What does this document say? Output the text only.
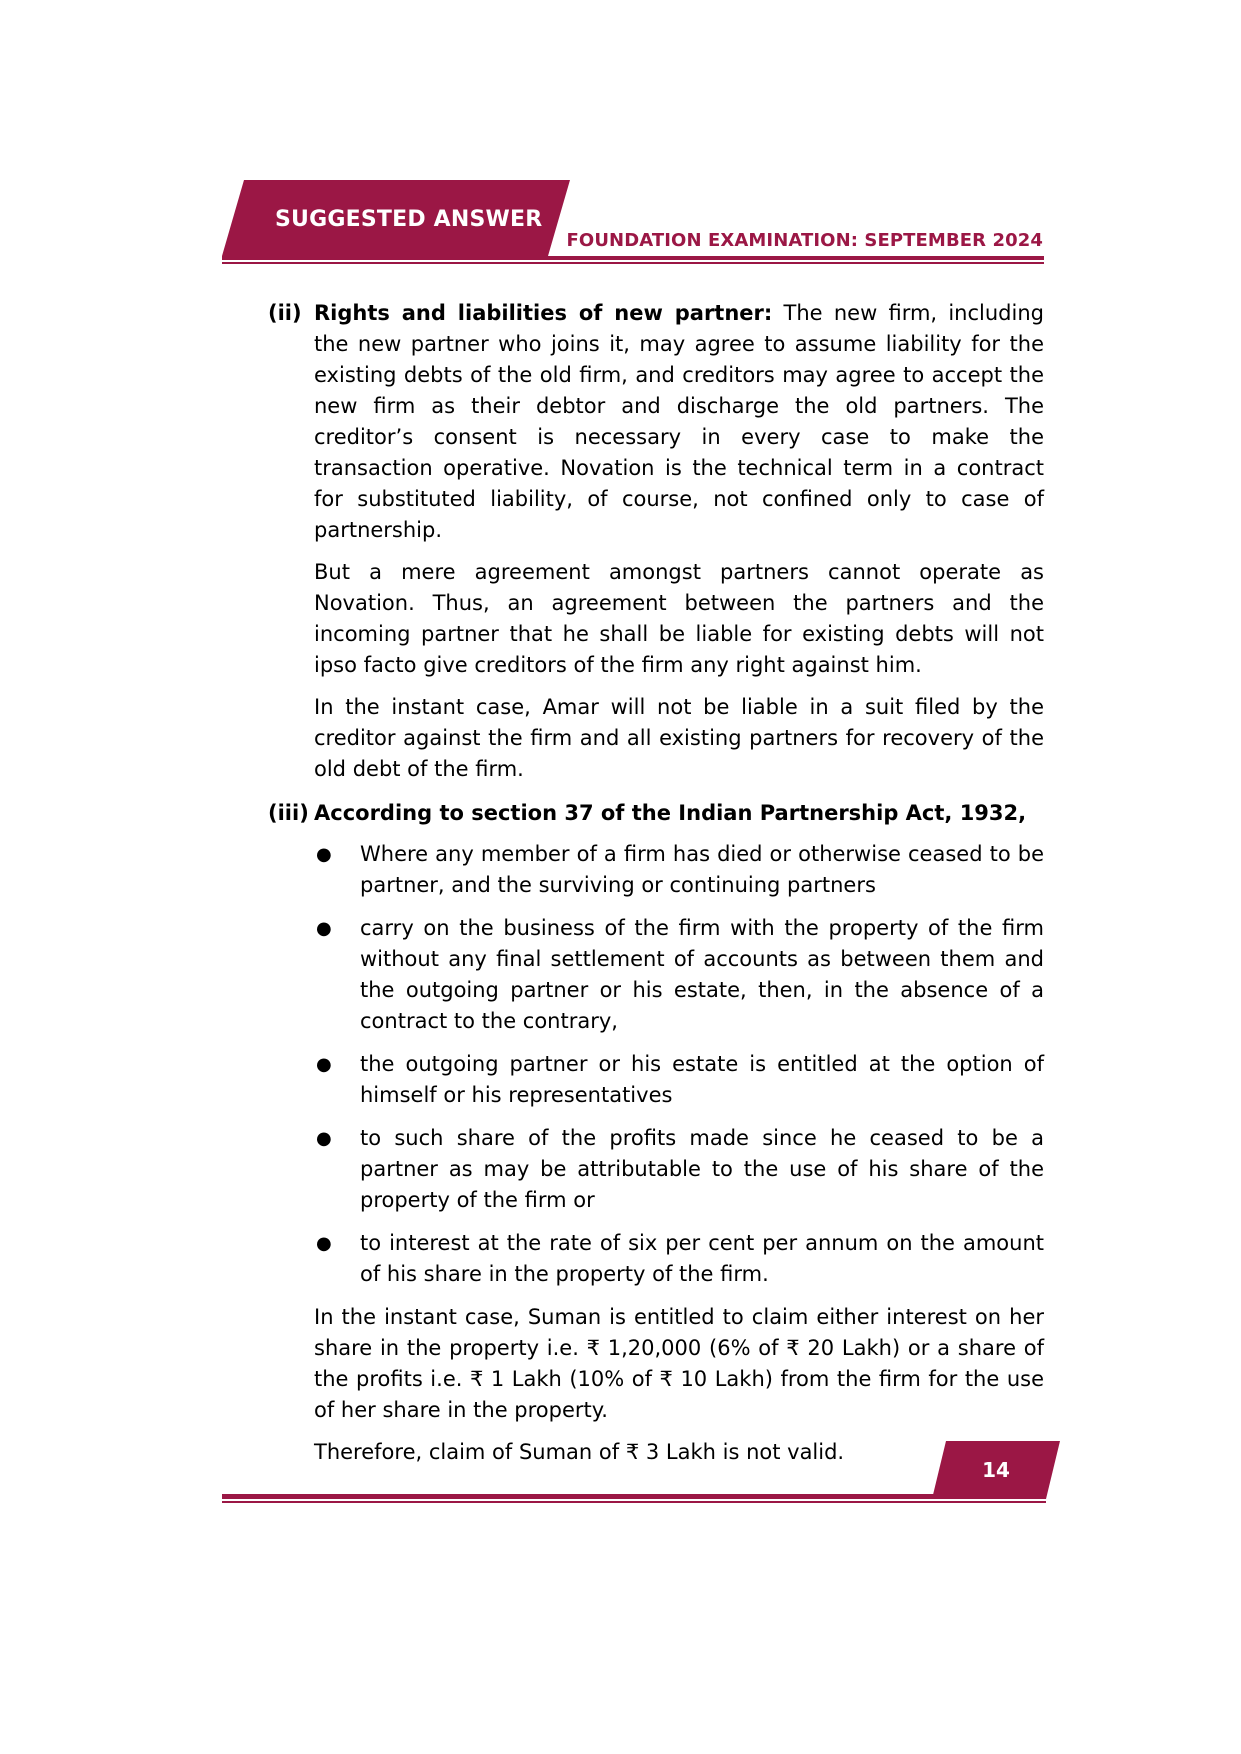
SUGGESTED ANSWER
FOUNDATION EXAMINATION: SEPTEMBER 2024
(ii) Rights and liabilities of new partner: The new firm, including the new partner who joins it, may agree to assume liability for the existing debts of the old firm, and creditors may agree to accept the new firm as their debtor and discharge the old partners. The creditor’s consent is necessary in every case to make the transaction operative. Novation is the technical term in a contract for substituted liability, of course, not confined only to case of partnership.

But a mere agreement amongst partners cannot operate as Novation. Thus, an agreement between the partners and the incoming partner that he shall be liable for existing debts will not ipso facto give creditors of the firm any right against him.

In the instant case, Amar will not be liable in a suit filed by the creditor against the firm and all existing partners for recovery of the old debt of the firm.

(iii) According to section 37 of the Indian Partnership Act, 1932,
●	Where any member of a firm has died or otherwise ceased to be partner, and the surviving or continuing partners
●	carry on the business of the firm with the property of the firm without any final settlement of accounts as between them and the outgoing partner or his estate, then, in the absence of a contract to the contrary,
●	the outgoing partner or his estate is entitled at the option of himself or his representatives
●	to such share of the profits made since he ceased to be a partner as may be attributable to the use of his share of the property of the firm or
●	to interest at the rate of six per cent per annum on the amount of his share in the property of the firm.

In the instant case, Suman is entitled to claim either interest on her share in the property i.e. ₹ 1,20,000 (6% of ₹ 20 Lakh) or a share of the profits i.e. ₹ 1 Lakh (10% of ₹ 10 Lakh) from the firm for the use of her share in the property.

Therefore, claim of Suman of ₹ 3 Lakh is not valid.

14
